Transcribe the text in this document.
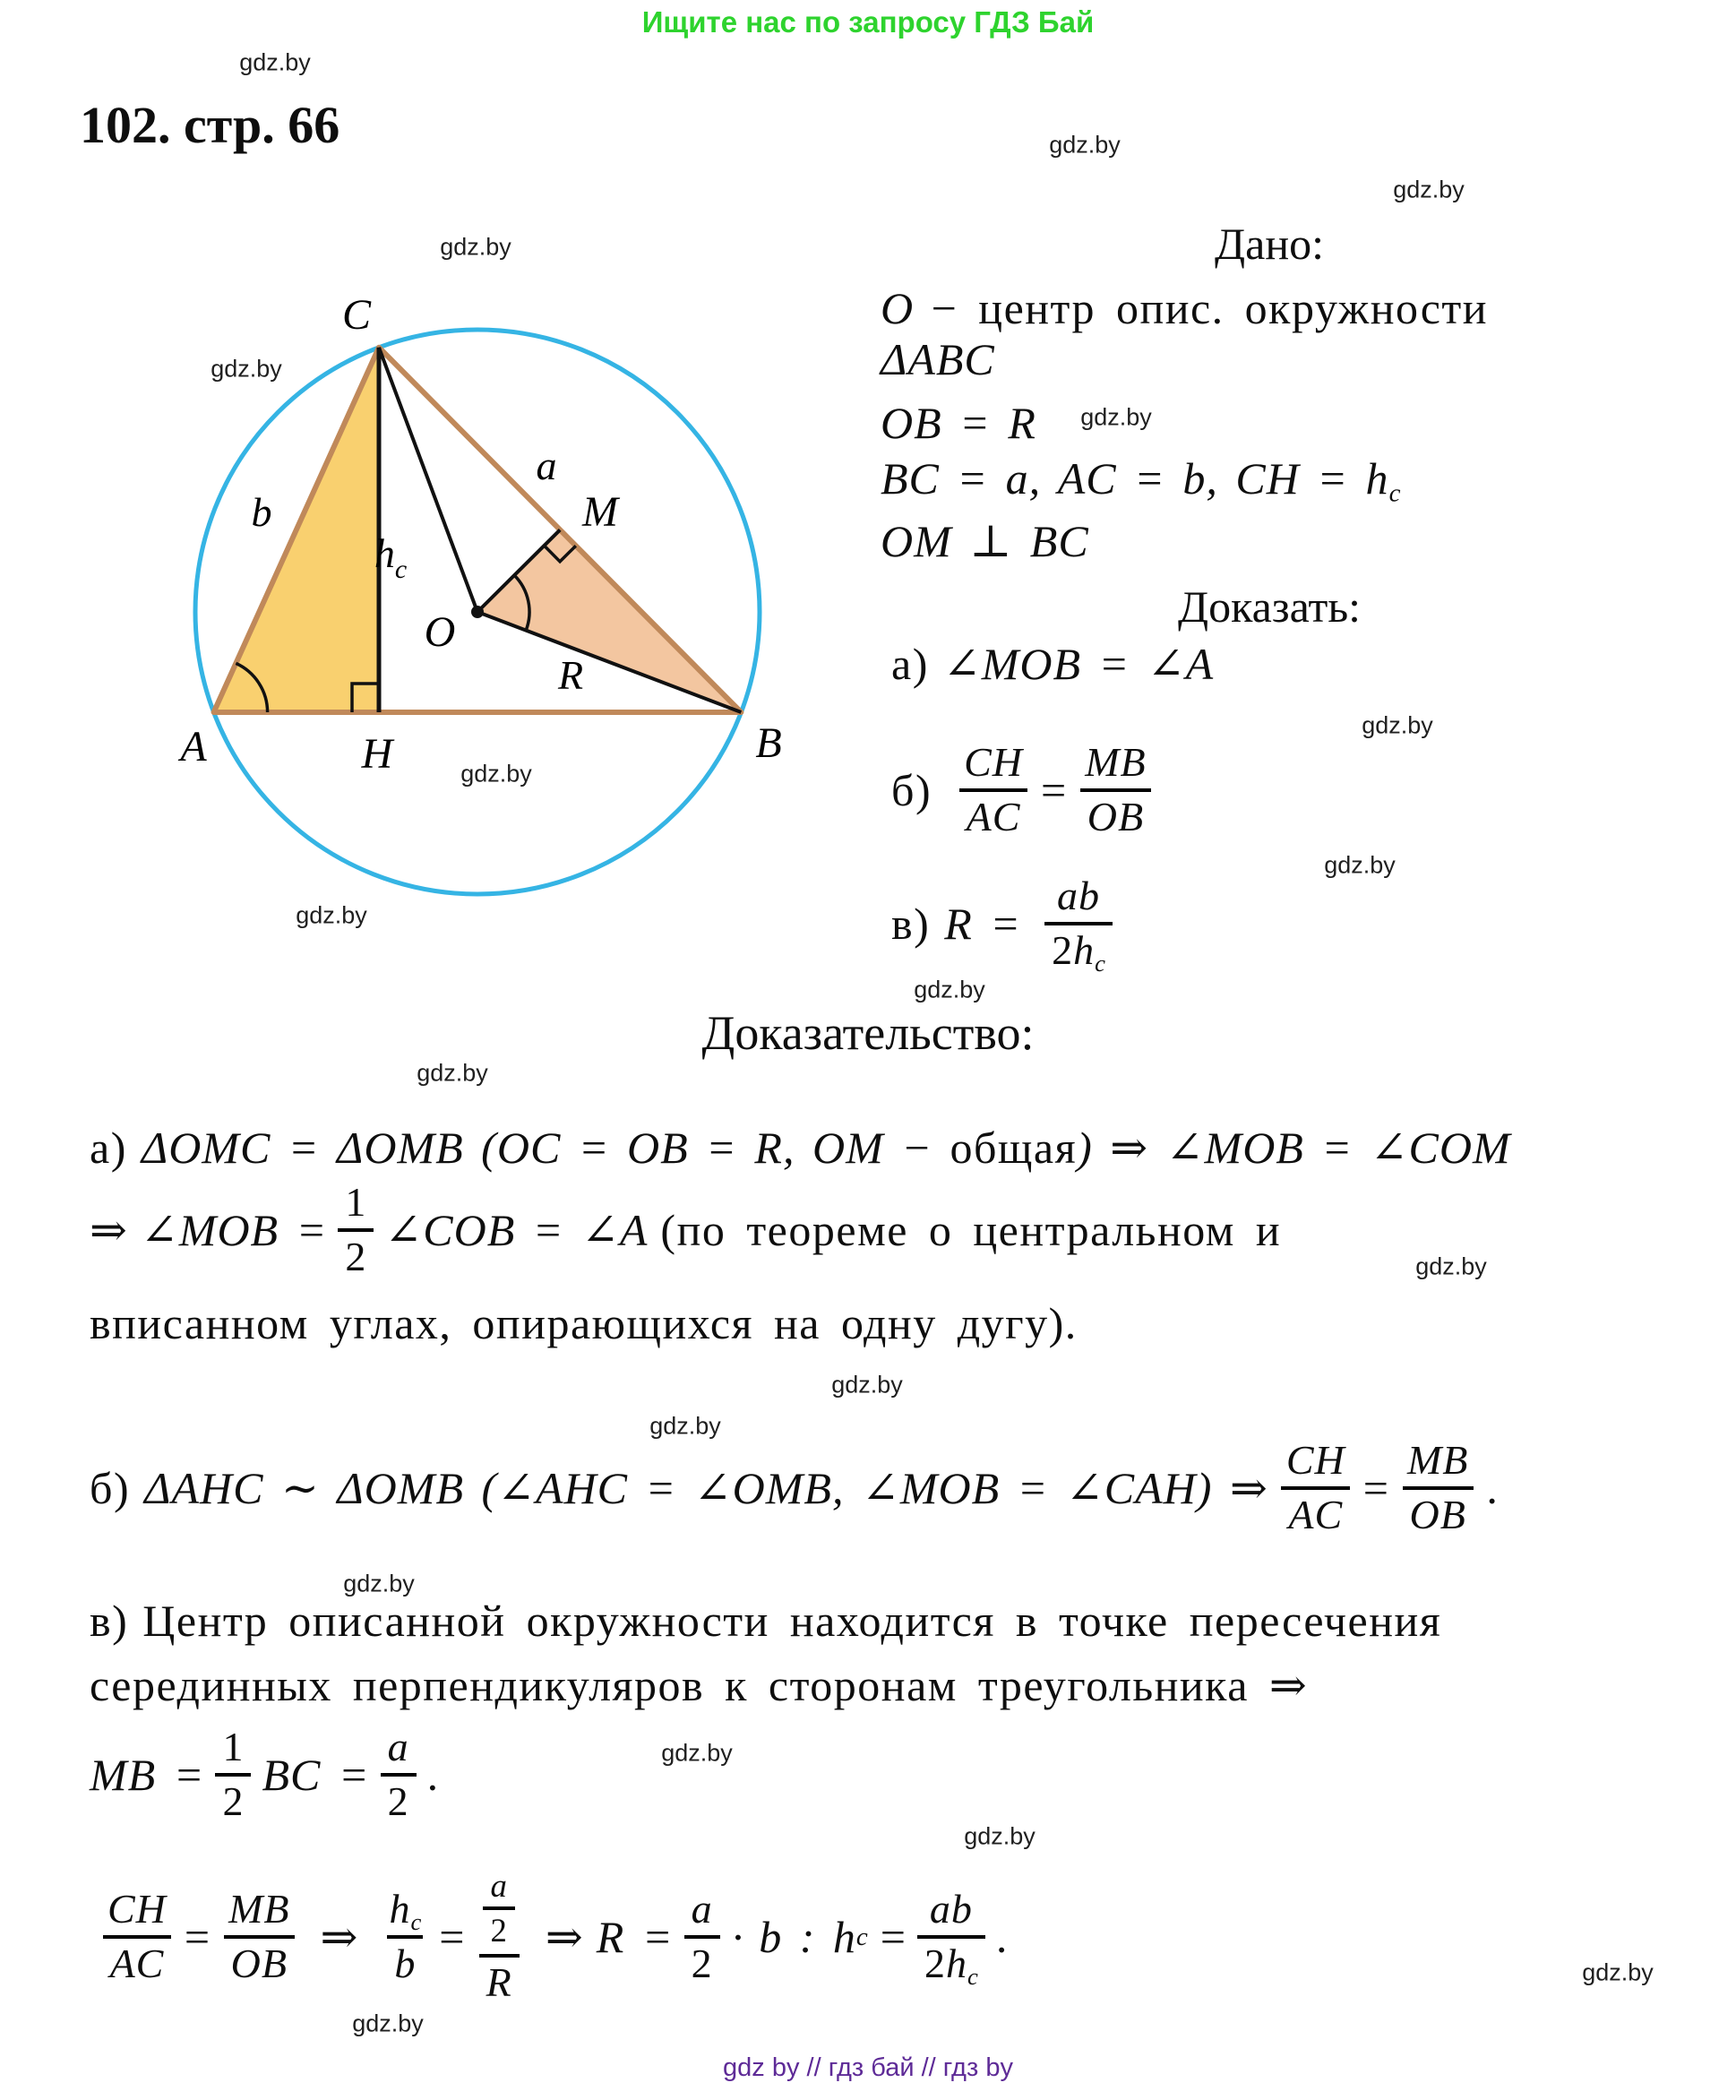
Ищите нас по запросу ГДЗ Бай
102. стр. 66
gdz.by
gdz.by
gdz.by
gdz.by
gdz.by
gdz.by
gdz.by
gdz.by
gdz.by
gdz.by
gdz.by
gdz.by
gdz.by
gdz.by
gdz.by
gdz.by
gdz.by
gdz.by
gdz.by
gdz.by
C
A	B
H
O
M
a
b
R
$h_c$
Дано:
O − центр опис. окружности
ΔABC
OB = R
BC = a, AC = b, CH = $h_c$
OM ⊥ BC
Доказать:
а) ∠MOB = ∠A
$б) \frac{CH}{AC} = \frac{MB}{OB}$
в) $R = \frac{ab}{2h_c}$
Доказательство:
а) ΔOMC = ΔOMB (OC = OB = R, OM − общая) ⇒ ∠MOB = ∠COM
⇒ ∠MOB = $\frac{1}{2}$ ∠COB = ∠A (по теореме о центральном и
вписанном углах, опирающихся на одну дугу).
б) ΔAHC ∼ ΔOMB (∠AHC = ∠OMB, ∠MOB = ∠CAH) ⇒ $\frac{CH}{AC} = \frac{MB}{OB}$ .
в) Центр описанной окружности находится в точке пересечения
серединных перпендикуляров к сторонам треугольника ⇒
MB = $\frac{1}{2}$ BC = $\frac{a}{2}$ .
$\frac{CH}{AC} = \frac{MB}{OB}$ ⇒ $\frac{h_c}{b} = \frac{\frac{a}{2}}{R}$ ⇒ $R = \frac{a}{2} \cdot b$ : h $c = \frac{ab}{2h_c}$ .
gdz by // гдз бай // гдз by
